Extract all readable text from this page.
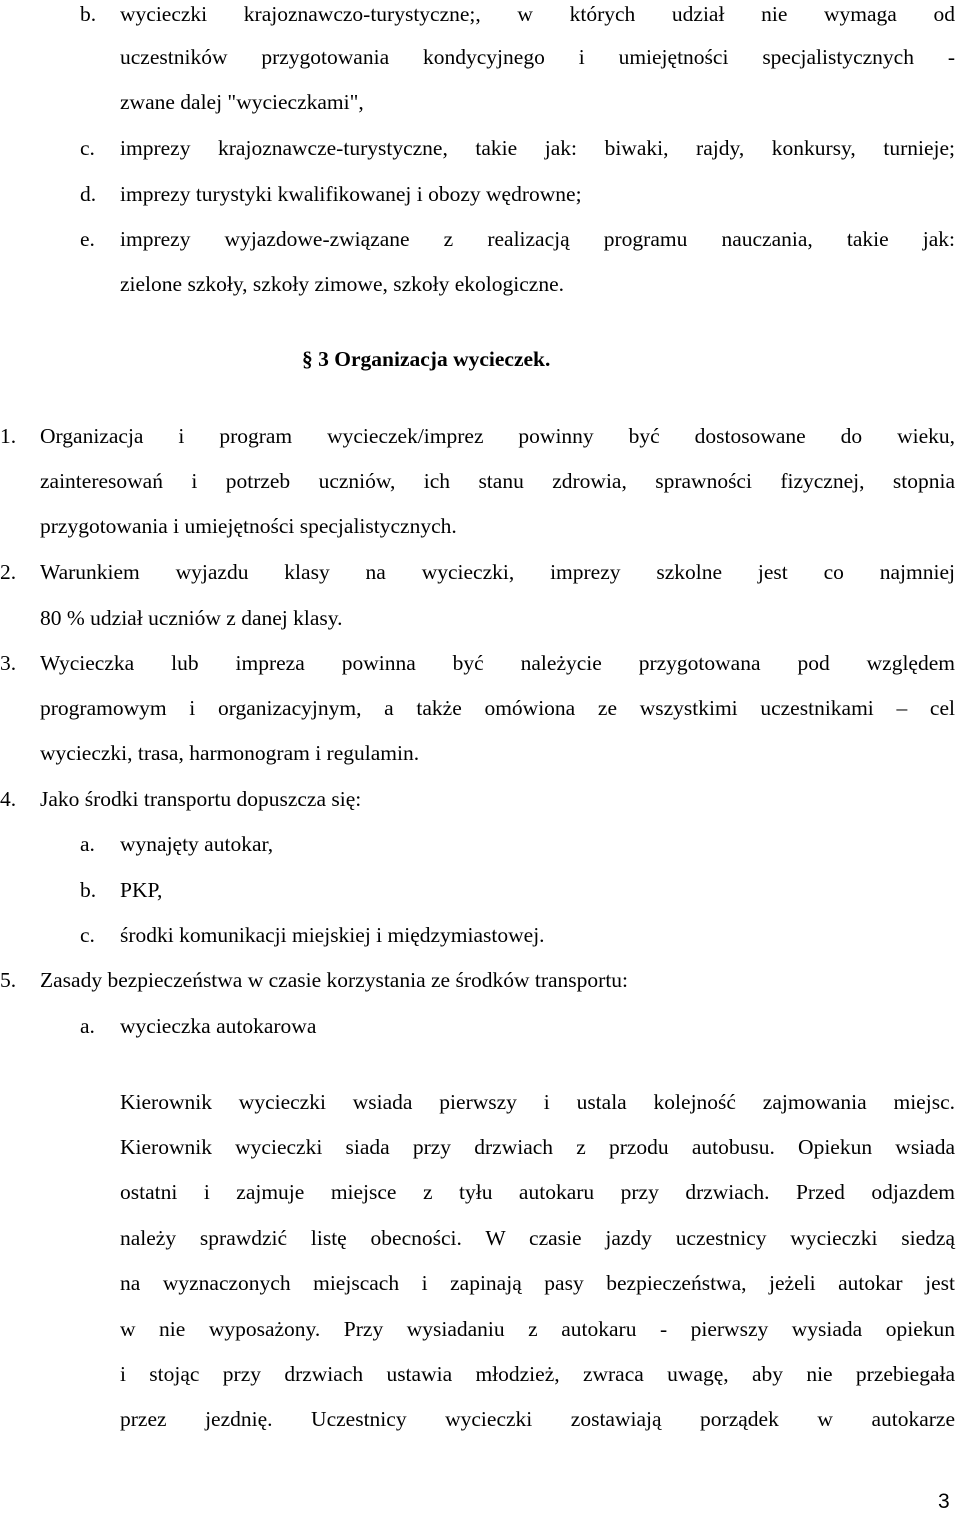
b. wycieczki krajoznawczo-turystyczne;, w których udział nie wymaga od
uczestników przygotowania kondycyjnego i umiejętności specjalistycznych -
zwane dalej "wycieczkami",
c. imprezy krajoznawcze-turystyczne, takie jak: biwaki, rajdy, konkursy, turnieje;
d. imprezy turystyki kwalifikowanej i obozy wędrowne;
e. imprezy wyjazdowe-związane z realizacją programu nauczania, takie jak:
zielone szkoły, szkoły zimowe, szkoły ekologiczne.
§ 3 Organizacja wycieczek.
1. Organizacja i program wycieczek/imprez powinny być dostosowane do wieku,
zainteresowań i potrzeb uczniów, ich stanu zdrowia, sprawności fizycznej, stopnia
przygotowania i umiejętności specjalistycznych.
2. Warunkiem wyjazdu klasy na wycieczki, imprezy szkolne jest co najmniej
80 % udział uczniów z danej klasy.
3. Wycieczka lub impreza powinna być należycie przygotowana pod względem
programowym i organizacyjnym, a także omówiona ze wszystkimi uczestnikami – cel
wycieczki, trasa, harmonogram i regulamin.
4. Jako środki transportu dopuszcza się:
a. wynajęty autokar,
b. PKP,
c. środki komunikacji miejskiej i międzymiastowej.
5. Zasady bezpieczeństwa w czasie korzystania ze środków transportu:
a. wycieczka autokarowa
Kierownik wycieczki wsiada pierwszy i ustala kolejność zajmowania miejsc.
Kierownik wycieczki siada przy drzwiach z przodu autobusu. Opiekun wsiada
ostatni i zajmuje miejsce z tyłu autokaru przy drzwiach. Przed odjazdem
należy sprawdzić listę obecności. W czasie jazdy uczestnicy wycieczki siedzą
na wyznaczonych miejscach i zapinają pasy bezpieczeństwa, jeżeli autokar jest
w nie wyposażony. Przy wysiadaniu z autokaru - pierwszy wysiada opiekun
i stojąc przy drzwiach ustawia młodzież, zwraca uwagę, aby nie przebiegała
przez jezdnię. Uczestnicy wycieczki zostawiają porządek w autokarze
3
